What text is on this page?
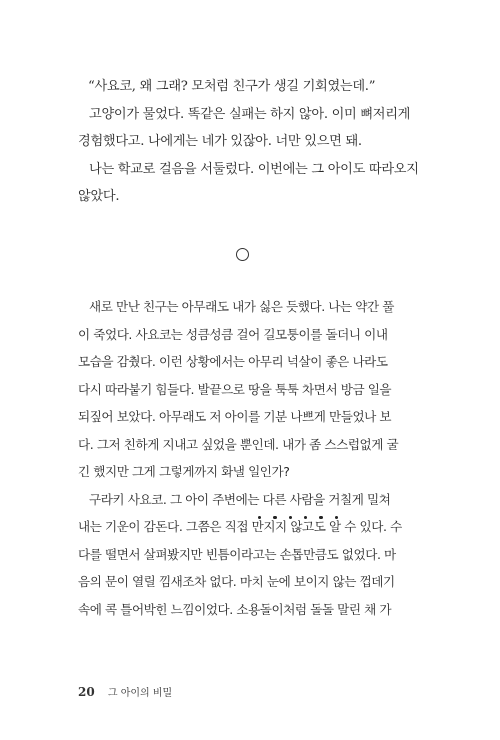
“사요코, 왜 그래? 모처럼 친구가 생길 기회였는데.”

고양이가 물었다. 똑같은 실패는 하지 않아. 이미 뼈저리게

경험했다고. 나에게는 네가 있잖아. 너만 있으면 돼.

나는 학교로 걸음을 서둘렀다. 이번에는 그 아이도 따라오지

않았다.

새로 만난 친구는 아무래도 내가 싫은 듯했다. 나는 약간 풀

이 죽었다. 사요코는 성큼성큼 걸어 길모퉁이를 돌더니 이내

모습을 감췄다. 이런 상황에서는 아무리 넉살이 좋은 나라도

다시 따라붙기 힘들다. 발끝으로 땅을 툭툭 차면서 방금 일을

되짚어 보았다. 아무래도 저 아이를 기분 나쁘게 만들었나 보

다. 그저 친하게 지내고 싶었을 뿐인데. 내가 좀 스스럽없게 굴

긴 했지만 그게 그렇게까지 화낼 일인가?

구라키 사요코. 그 아이 주변에는 다른 사람을 거칠게 밀쳐

내는 기운이 감돈다. 그쯤은 직접 만지지 않고도 알 수 있다. 수

다를 떨면서 살펴봤지만 빈틈이라고는 손톱만큼도 없었다. 마

음의 문이 열릴 낌새조차 없다. 마치 눈에 보이지 않는 껍데기

속에 콕 틀어박힌 느낌이었다. 소용돌이처럼 돌돌 말린 채 가

20 그 아이의 비밀
